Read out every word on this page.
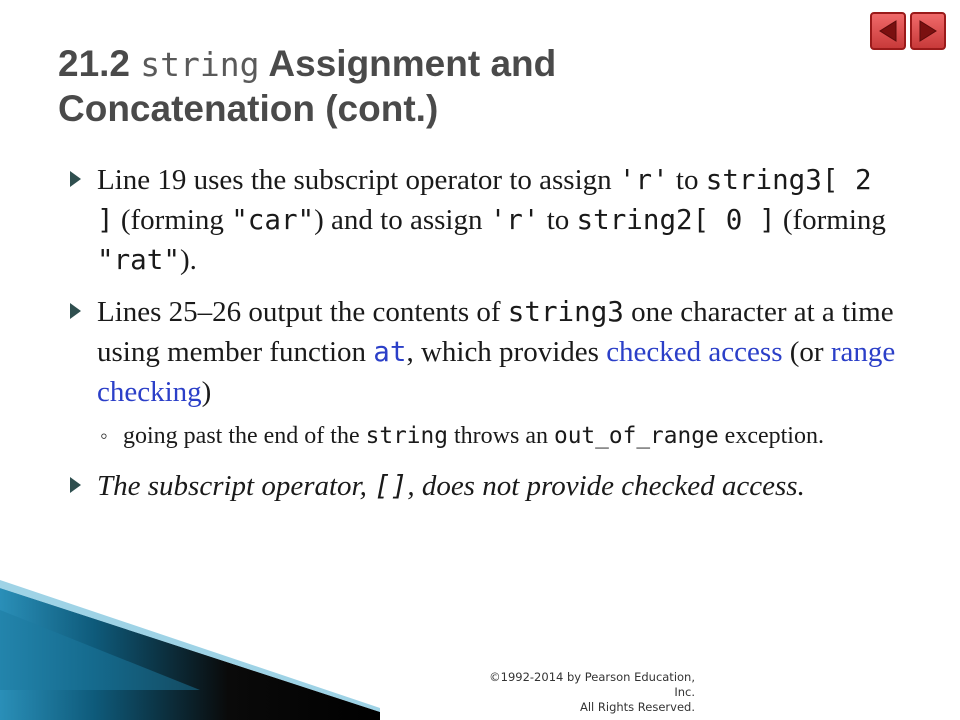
21.2 string Assignment and
Concatenation (cont.)
Line 19 uses the subscript operator to assign 'r' to string3[ 2 ] (forming "car") and to assign 'r' to string2[ 0 ] (forming "rat").
Lines 25–26 output the contents of string3 one character at a time using member function at, which provides checked access (or range checking)
◦ going past the end of the string throws an out_of_range exception.
The subscript operator, [], does not provide checked access.
©1992-2014 by Pearson Education, Inc.
All Rights Reserved.
